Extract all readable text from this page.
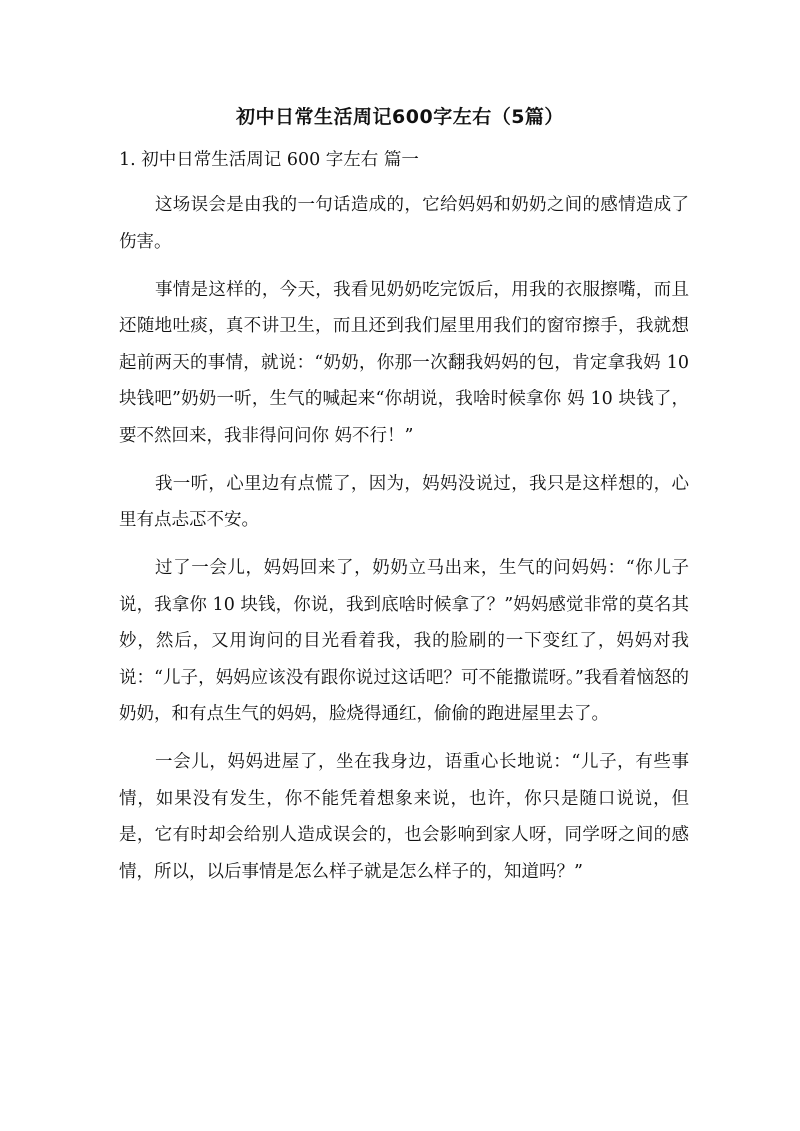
初中日常生活周记600字左右（5篇）
1. 初中日常生活周记 600 字左右 篇一

这场误会是由我的一句话造成的，它给妈妈和奶奶之间的感情造成了伤害。

事情是这样的，今天，我看见奶奶吃完饭后，用我的衣服擦嘴，而且还随地吐痰，真不讲卫生，而且还到我们屋里用我们的窗帘擦手，我就想起前两天的事情，就说：“奶奶，你那一次翻我妈妈的包，肯定拿我妈 10 块钱吧”奶奶一听，生气的喊起来“你胡说，我啥时候拿你 妈 10 块钱了，要不然回来，我非得问问你 妈不行！”

我一听，心里边有点慌了，因为，妈妈没说过，我只是这样想的，心里有点忐忑不安。

过了一会儿，妈妈回来了，奶奶立马出来，生气的问妈妈：“你儿子说，我拿你 10 块钱，你说，我到底啥时候拿了？”妈妈感觉非常的莫名其妙，然后，又用询问的目光看着我，我的脸刷的一下变红了，妈妈对我说：“儿子，妈妈应该没有跟你说过这话吧？可不能撒谎呀。”我看着恼怒的奶奶，和有点生气的妈妈，脸烧得通红，偷偷的跑进屋里去了。

一会儿，妈妈进屋了，坐在我身边，语重心长地说：“儿子，有些事情，如果没有发生，你不能凭着想象来说，也许，你只是随口说说，但是，它有时却会给别人造成误会的，也会影响到家人呀，同学呀之间的感情，所以，以后事情是怎么样子就是怎么样子的，知道吗？”
